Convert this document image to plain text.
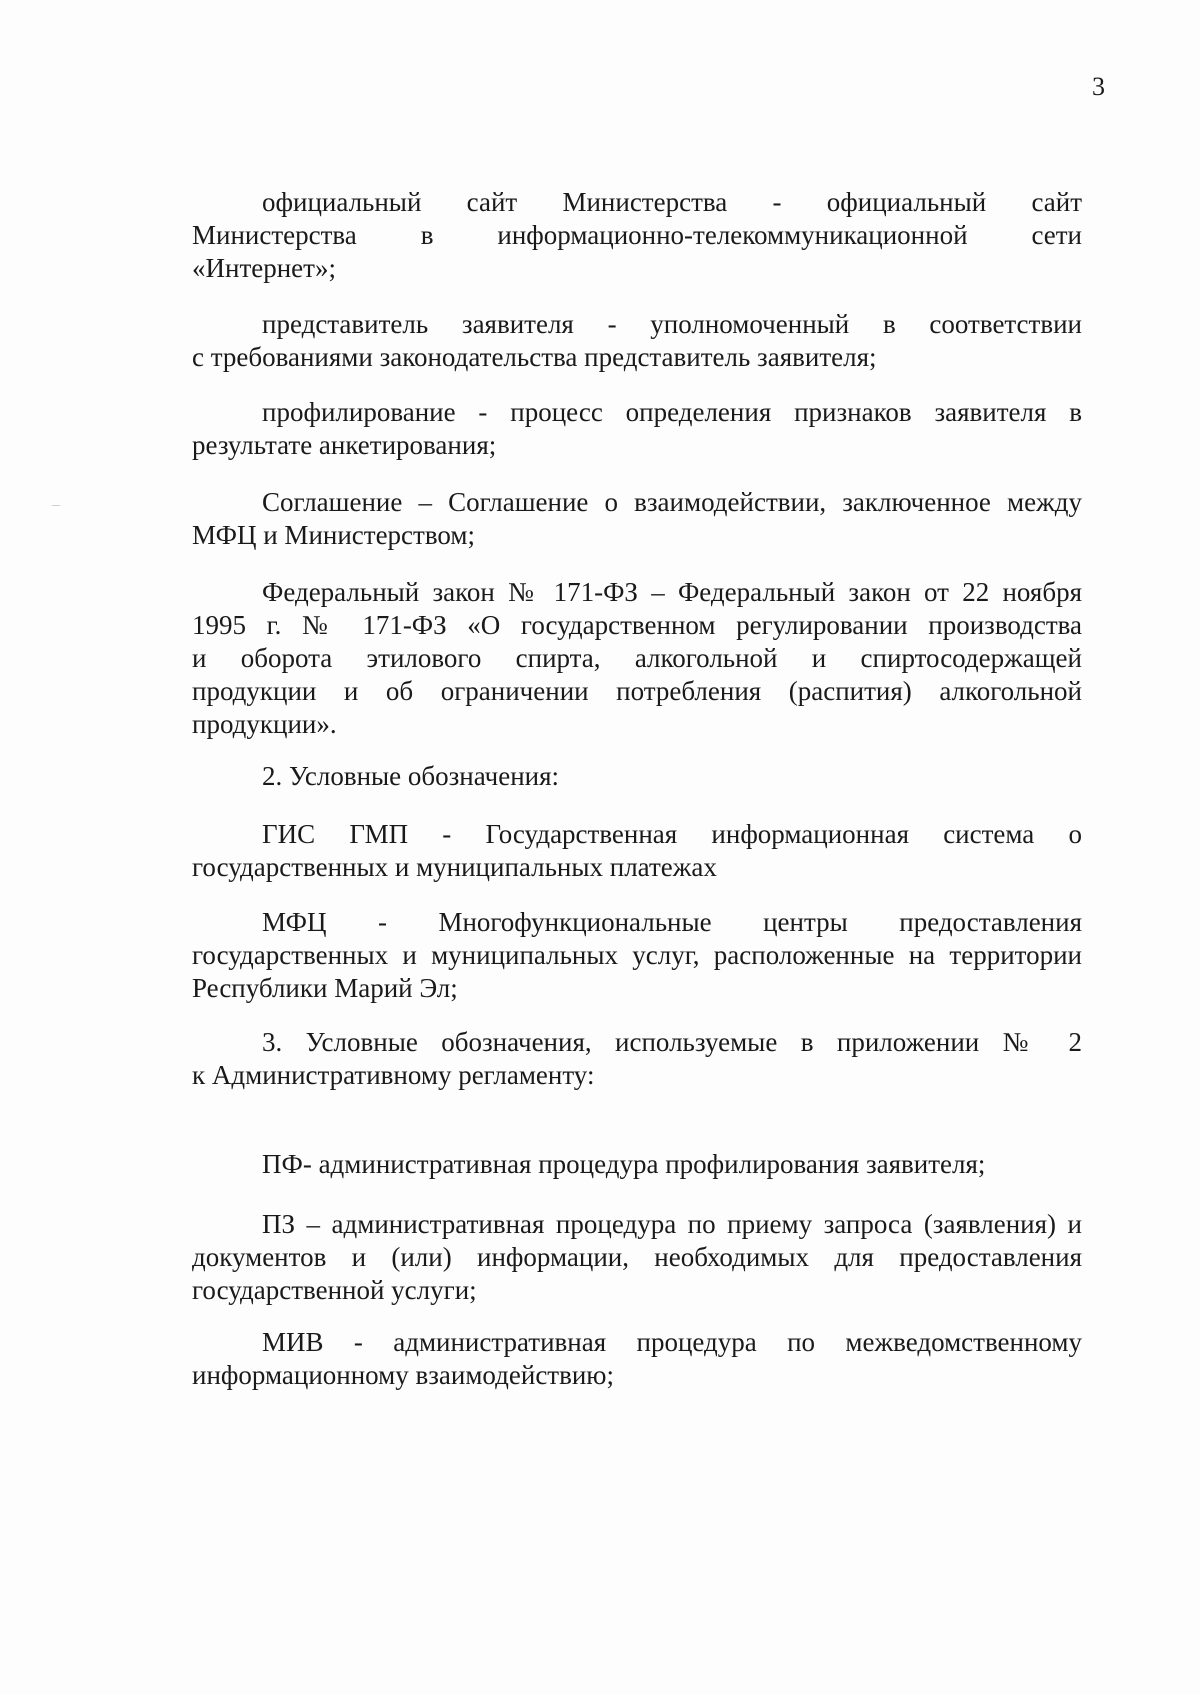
3
официальный сайт Министерства - официальный сайт
Министерства в информационно-телекоммуникационной сети
«Интернет»;
представитель заявителя - уполномоченный в соответствии
с требованиями законодательства представитель заявителя;
профилирование - процесс определения признаков заявителя в
результате анкетирования;
Соглашение – Соглашение о взаимодействии, заключенное между
МФЦ и Министерством;
Федеральный закон № 171-ФЗ – Федеральный закон от 22 ноября
1995 г. № 171-ФЗ «О государственном регулировании производства
и оборота этилового спирта, алкогольной и спиртосодержащей
продукции и об ограничении потребления (распития) алкогольной
продукции».
2. Условные обозначения:
ГИС ГМП - Государственная информационная система о
государственных и муниципальных платежах
МФЦ - Многофункциональные центры предоставления
государственных и муниципальных услуг, расположенные на территории
Республики Марий Эл;
3. Условные обозначения, используемые в приложении № 2
к Административному регламенту:
ПФ- административная процедура профилирования заявителя;
ПЗ – административная процедура по приему запроса (заявления) и
документов и (или) информации, необходимых для предоставления
государственной услуги;
МИВ - административная процедура по межведомственному
информационному взаимодействию;
